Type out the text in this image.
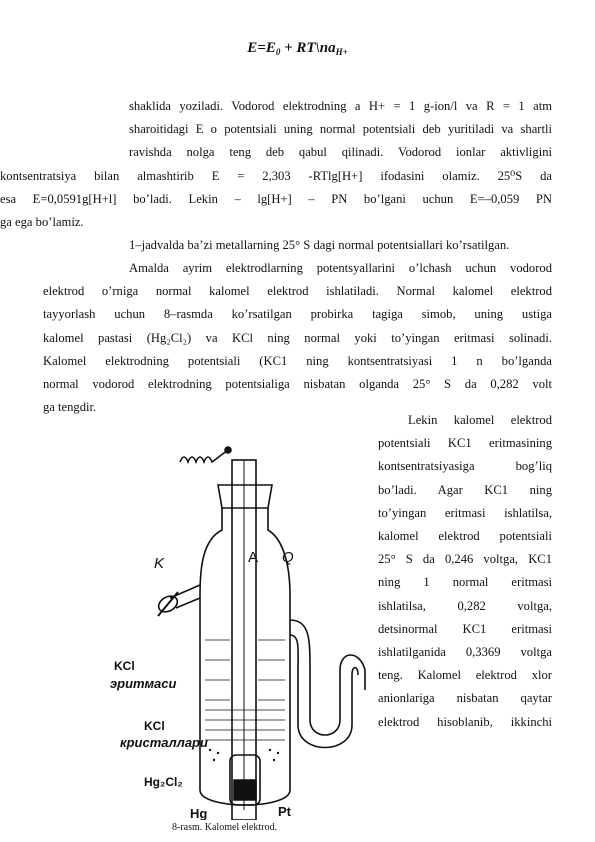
$E=E_0$ + $RT\backslash na_{H+}$
shaklida yoziladi. Vodorod elektrodning a H+ = 1 g-ion/l va R = 1 atm
sharoitidagi E o potentsiali uning normal potentsiali deb yuritiladi va shartli
ravishda nolga teng deb qabul qilinadi. Vodorod ionlar aktivligini
kontsentratsiya bilan almashtirib E = 2,303 -RTlg[H+] ifodasini olamiz. 25⁰S da
esa E=0,0591g[H+l] bo’ladi. Lekin – lg[H+] – PN bo’lgani uchun E=–0,059 PN
ga ega bo’lamiz.
1–jadvalda ba’zi metallarning 25° S dagi normal potentsiallari ko’rsatilgan.
Amalda ayrim elektrodlarning potentsyallarini o’lchash uchun vodorod
elektrod o’rniga normal kalomel elektrod ishlatiladi. Normal kalomel elektrod
tayyorlash uchun 8–rasmda ko’rsatilgan probirka tagiga simob, uning ustiga
kalomel pastasi (Hg₂Cl₂) va KCl ning normal yoki to’yingan eritmasi solinadi.
Kalomel elektrodning potentsiali (KC1 ning kontsentratsiyasi 1 n bo’lganda
normal vodorod elektrodning potentsialiga nisbatan olganda 25° S da 0,282 volt
ga tengdir.
Lekin kalomel elektrod
potentsiali KC1 eritmasining
kontsentratsiyasiga bog’liq
bo’ladi. Agar KC1 ning
to’yingan eritmasi ishlatilsa,
kalomel elektrod potentsiali
25° S da 0,246 voltga, KC1
ning 1 normal eritmasi
ishlatilsa, 0,282 voltga,
detsinormal KC1 eritmasi
ishlatilganida 0,3369 voltga
teng. Kalomel elektrod xlor
anionlariga nisbatan qaytar
elektrod hisoblanib, ikkinchi
K	A Q
KCl
эритмаси
KCl
кристаллари
Hg₂Cl₂
Hg	Pt
8-rasm. Kalomel elektrod.
